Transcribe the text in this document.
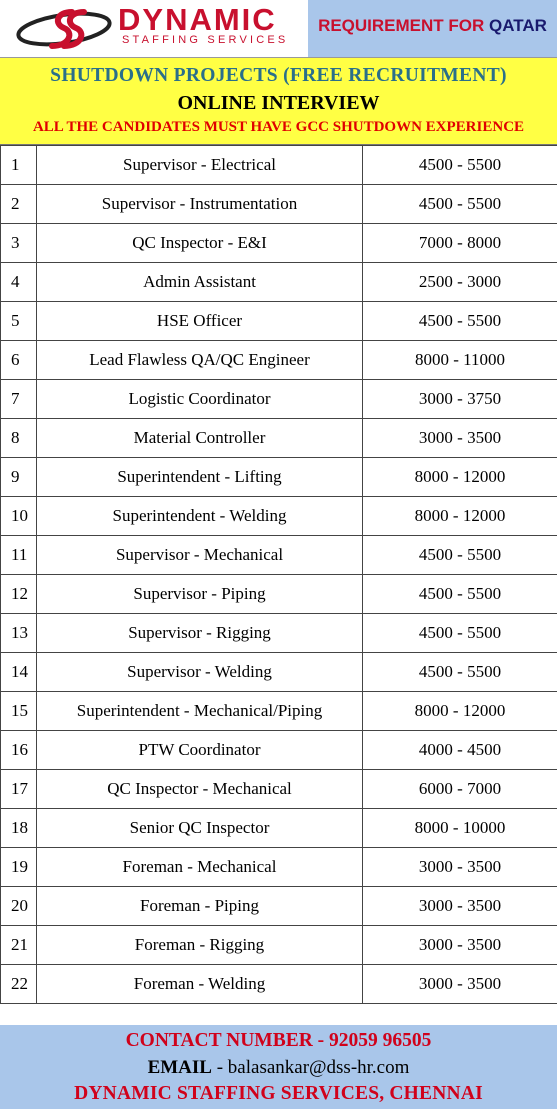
DYNAMIC
STAFFING SERVICES
REQUIREMENT FOR QATAR
SHUTDOWN PROJECTS (FREE RECRUITMENT)
ONLINE INTERVIEW
ALL THE CANDIDATES MUST HAVE GCC SHUTDOWN EXPERIENCE
1	Supervisor - Electrical	4500 - 5500
2	Supervisor - Instrumentation	4500 - 5500
3	QC Inspector - E&I	7000 - 8000
4	Admin Assistant	2500 - 3000
5	HSE Officer	4500 - 5500
6	Lead Flawless QA/QC Engineer	8000 - 11000
7	Logistic Coordinator	3000 - 3750
8	Material Controller	3000 - 3500
9	Superintendent - Lifting	8000 - 12000
10	Superintendent - Welding	8000 - 12000
11	Supervisor - Mechanical	4500 - 5500
12	Supervisor - Piping	4500 - 5500
13	Supervisor - Rigging	4500 - 5500
14	Supervisor - Welding	4500 - 5500
15	Superintendent - Mechanical/Piping	8000 - 12000
16	PTW Coordinator	4000 - 4500
17	QC Inspector - Mechanical	6000 - 7000
18	Senior QC Inspector	8000 - 10000
19	Foreman - Mechanical	3000 - 3500
20	Foreman - Piping	3000 - 3500
21	Foreman - Rigging	3000 - 3500
22	Foreman - Welding	3000 - 3500
CONTACT NUMBER - 92059 96505
EMAIL - balasankar@dss-hr.com
DYNAMIC STAFFING SERVICES, CHENNAI
